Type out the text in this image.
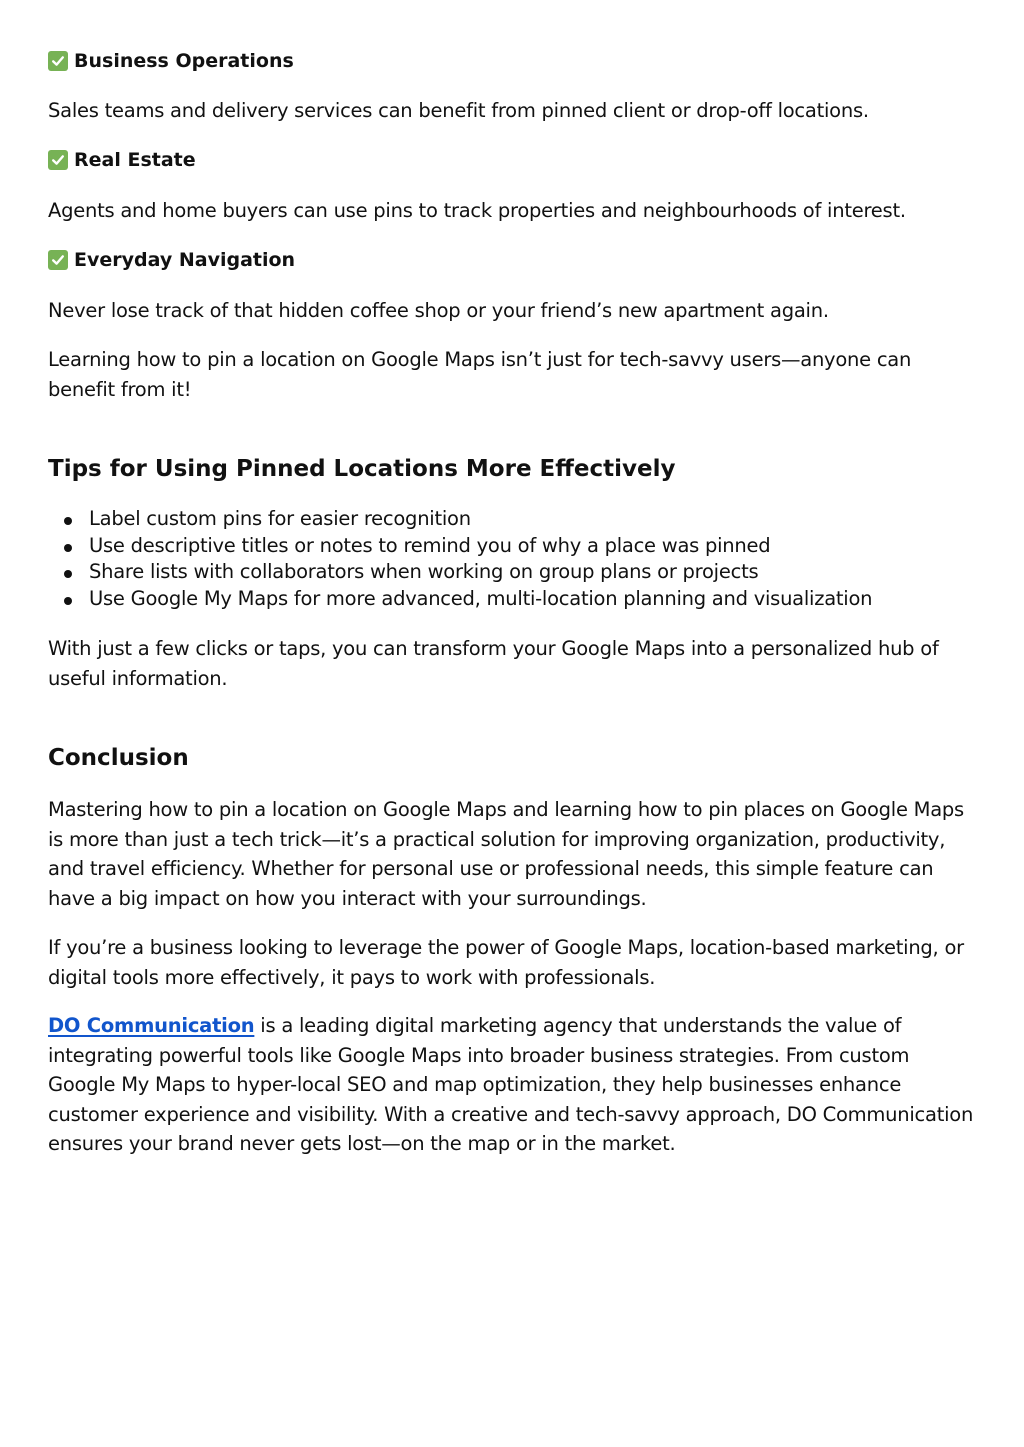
Business Operations

Sales teams and delivery services can benefit from pinned client or drop-off locations.

Real Estate

Agents and home buyers can use pins to track properties and neighbourhoods of interest.

Everyday Navigation

Never lose track of that hidden coffee shop or your friend’s new apartment again.

Learning how to pin a location on Google Maps isn’t just for tech-savvy users—anyone can benefit from it!

Tips for Using Pinned Locations More Effectively
Label custom pins for easier recognition
Use descriptive titles or notes to remind you of why a place was pinned
Share lists with collaborators when working on group plans or projects
Use Google My Maps for more advanced, multi-location planning and visualization

With just a few clicks or taps, you can transform your Google Maps into a personalized hub of useful information.

Conclusion

Mastering how to pin a location on Google Maps and learning how to pin places on Google Maps is more than just a tech trick—it’s a practical solution for improving organization, productivity, and travel efficiency. Whether for personal use or professional needs, this simple feature can have a big impact on how you interact with your surroundings.

If you’re a business looking to leverage the power of Google Maps, location-based marketing, or digital tools more effectively, it pays to work with professionals.

DO Communication is a leading digital marketing agency that understands the value of integrating powerful tools like Google Maps into broader business strategies. From custom Google My Maps to hyper-local SEO and map optimization, they help businesses enhance customer experience and visibility. With a creative and tech-savvy approach, DO Communication ensures your brand never gets lost—on the map or in the market.
